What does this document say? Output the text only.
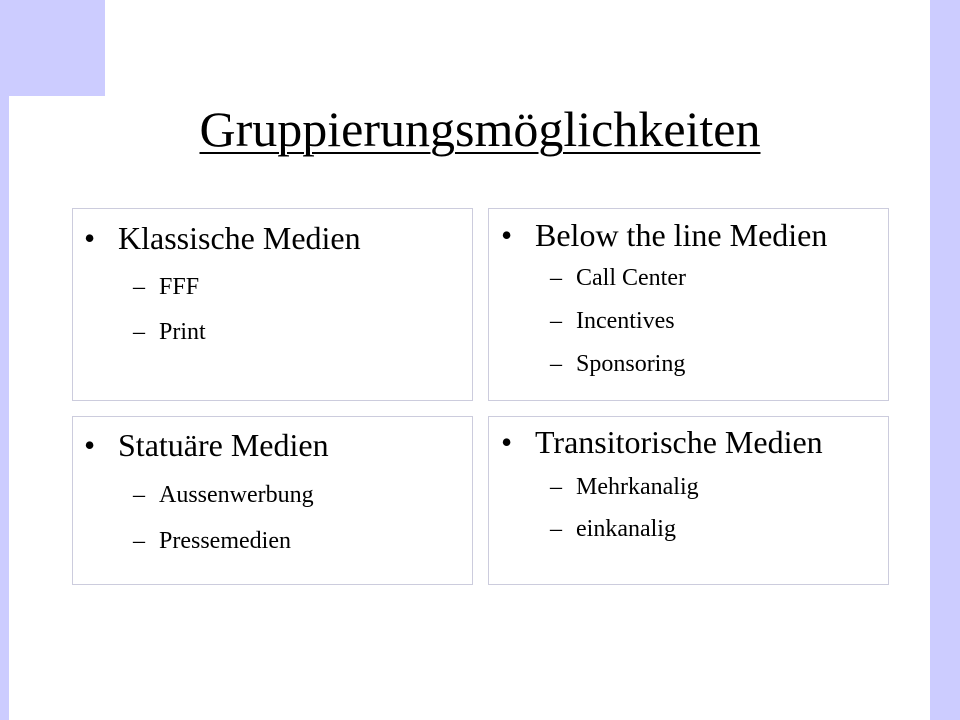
Gruppierungsmöglichkeiten
• Klassische Medien
– FFF
– Print
• Below the line Medien
– Call Center
– Incentives
– Sponsoring
• Statuäre Medien
– Aussenwerbung
– Pressemedien
• Transitorische Medien
– Mehrkanalig
– einkanalig
